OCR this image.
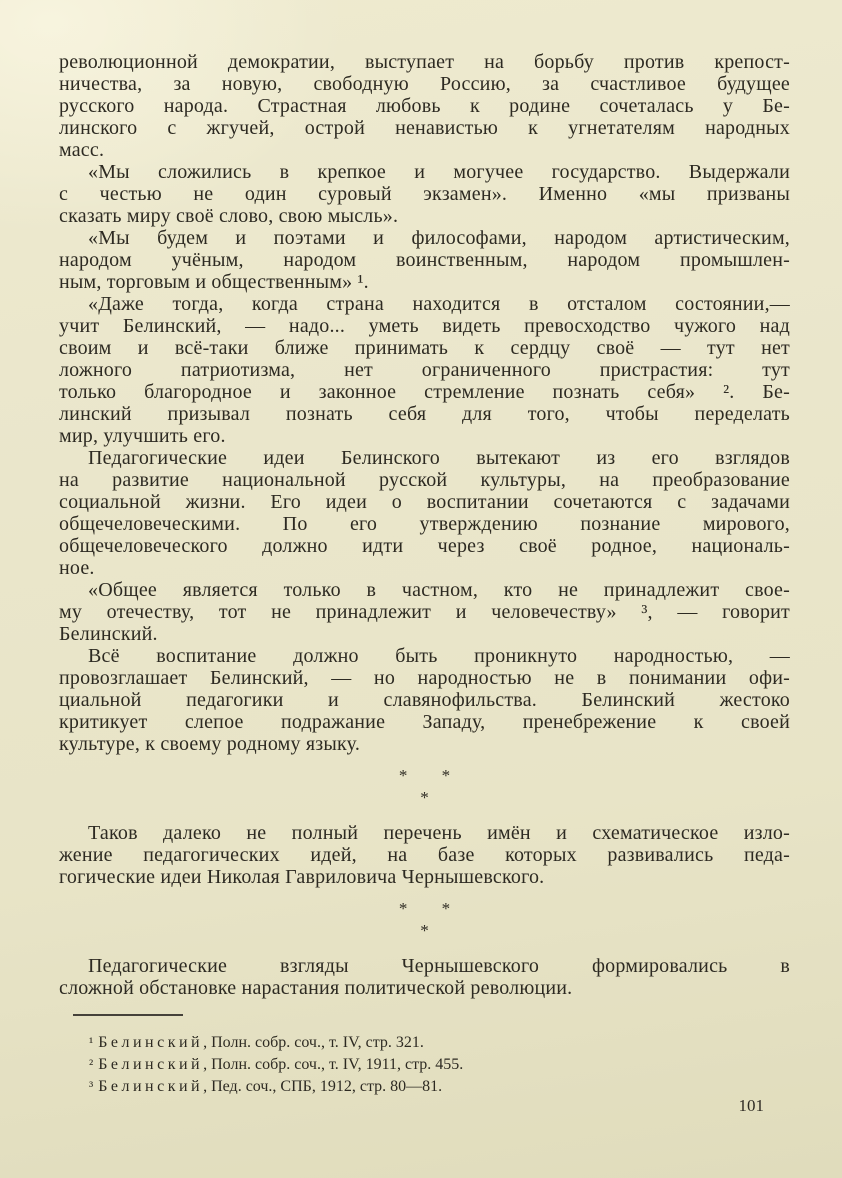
революционной демократии, выступает на борьбу против крепост-
ничества, за новую, свободную Россию, за счастливое будущее
русского народа. Страстная любовь к родине сочеталась у Бе-
линского с жгучей, острой ненавистью к угнетателям народных
масс.
«Мы сложились в крепкое и могучее государство. Выдержали
с честью не один суровый экзамен». Именно «мы призваны
сказать миру своё слово, свою мысль».
«Мы будем и поэтами и философами, народом артистическим,
народом учёным, народом воинственным, народом промышлен-
ным, торговым и общественным» ¹.
«Даже тогда, когда страна находится в отсталом состоянии,—
учит Белинский, — надо... уметь видеть превосходство чужого над
своим и всё-таки ближе принимать к сердцу своё — тут нет
ложного патриотизма, нет ограниченного пристрастия: тут
только благородное и законное стремление познать себя» ². Бе-
линский призывал познать себя для того, чтобы переделать
мир, улучшить его.
Педагогические идеи Белинского вытекают из его взглядов
на развитие национальной русской культуры, на преобразование
социальной жизни. Его идеи о воспитании сочетаются с задачами
общечеловеческими. По его утверждению познание мирового,
общечеловеческого должно идти через своё родное, националь-
ное.
«Общее является только в частном, кто не принадлежит свое-
му отечеству, тот не принадлежит и человечеству» ³, — говорит
Белинский.
Всё воспитание должно быть проникнуто народностью, —
провозглашает Белинский, — но народностью не в понимании офи-
циальной педагогики и славянофильства. Белинский жестоко
критикует слепое подражание Западу, пренебрежение к своей
культуре, к своему родному языку.
* *
*
Таков далеко не полный перечень имён и схематическое изло-
жение педагогических идей, на базе которых развивались педа-
гогические идеи Николая Гавриловича Чернышевского.
* *
*
Педагогические взгляды Чернышевского формировались в
сложной обстановке нарастания политической революции.
¹ Белинский, Полн. собр. соч., т. IV, стр. 321.
² Белинский, Полн. собр. соч., т. IV, 1911, стр. 455.
³ Белинский, Пед. соч., СПБ, 1912, стр. 80—81.
101
